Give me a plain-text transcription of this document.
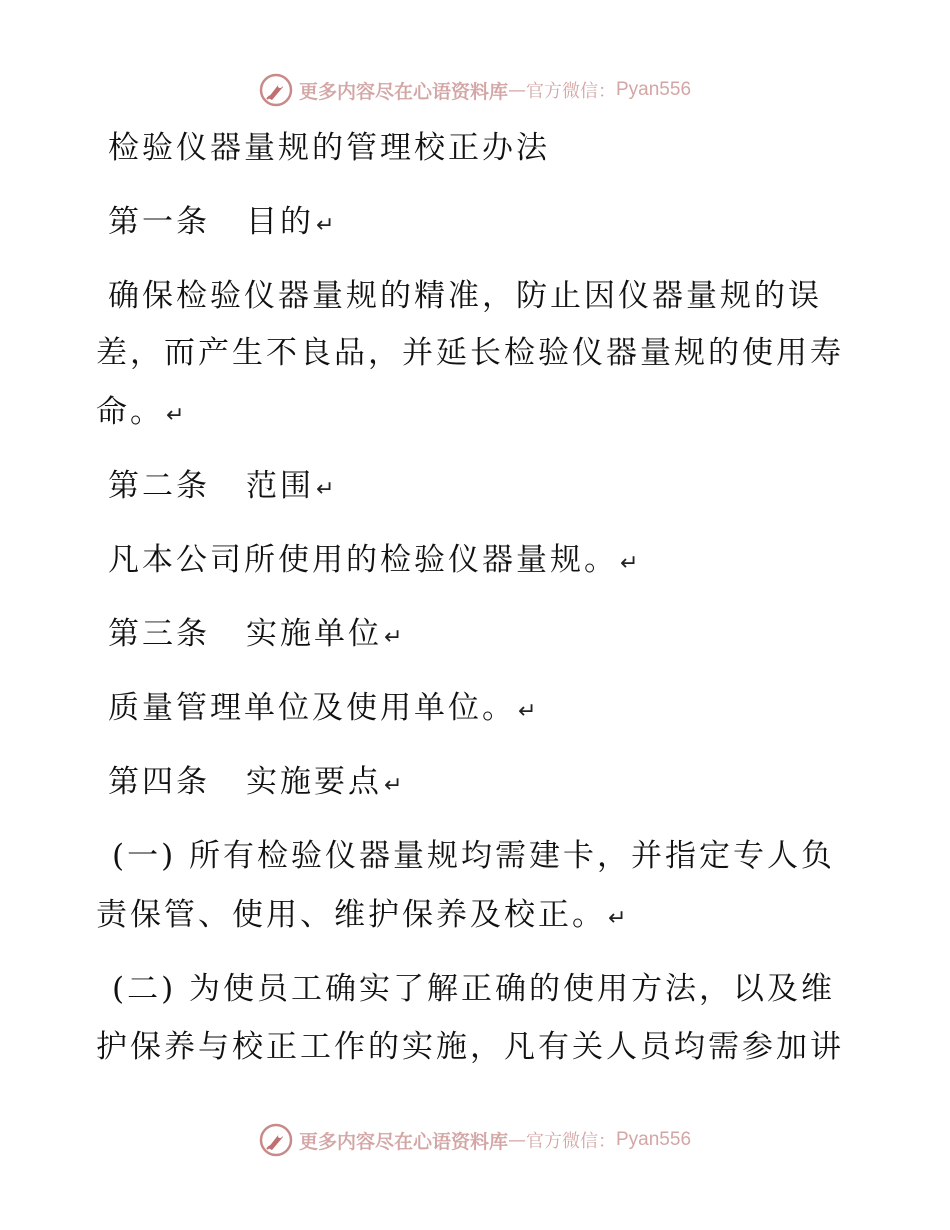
更多内容尽在心语资料库 — 官方微信： Pyan556
检验仪器量规的管理校正办法
第一条 目的↵
确保检验仪器量规的精准，防止因仪器量规的误
差，而产生不良品，并延长检验仪器量规的使用寿
命。↵
第二条 范围↵
凡本公司所使用的检验仪器量规。↵
第三条 实施单位↵
质量管理单位及使用单位。↵
第四条 实施要点↵
(一) 所有检验仪器量规均需建卡，并指定专人负
责保管、使用、维护保养及校正。↵
(二) 为使员工确实了解正确的使用方法，以及维
护保养与校正工作的实施，凡有关人员均需参加讲
更多内容尽在心语资料库 — 官方微信： Pyan556
